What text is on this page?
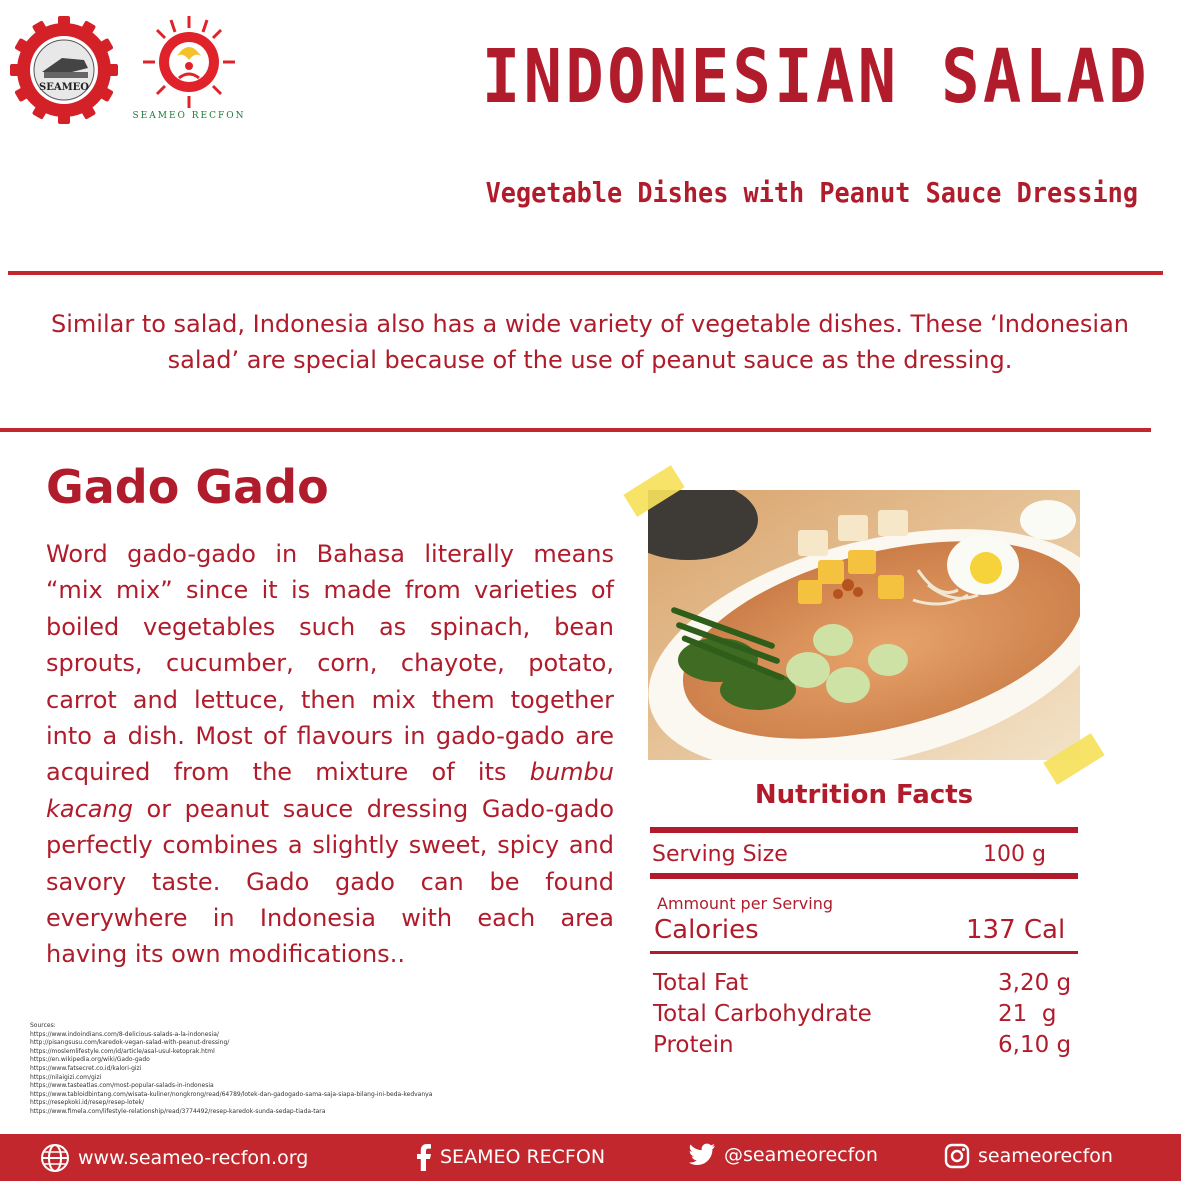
SEAMEO
SEAMEO RECFON	INDONESIAN SALAD
Vegetable Dishes with Peanut Sauce Dressing
Similar to salad, Indonesia also has a wide variety of vegetable dishes. These ‘Indonesian salad’ are special because of the use of peanut sauce as the dressing.
Gado Gado
Word gado-gado in Bahasa literally means “mix mix” since it is made from varieties of boiled vegetables such as spinach, bean sprouts, cucumber, corn, chayote, potato, carrot and lettuce, then mix them together into a dish. Most of flavours in gado-gado are acquired from the mixture of its bumbu kacang or peanut sauce dressing Gado-gado perfectly combines a slightly sweet, spicy and savory taste. Gado gado can be found everywhere in Indonesia with each area having its own modifications..
Sources:
https://www.indoindians.com/8-delicious-salads-a-la-indonesia/
http://pisangsusu.com/karedok-vegan-salad-with-peanut-dressing/
https://moslemlifestyle.com/id/article/asal-usul-ketoprak.html
https://en.wikipedia.org/wiki/Gado-gado
https://www.fatsecret.co.id/kalori-gizi
https://nilaigizi.com/gizi
https://www.tasteatlas.com/most-popular-salads-in-indonesia
https://www.tabloidbintang.com/wisata-kuliner/nongkrong/read/64789/lotek-dan-gadogado-sama-saja-siapa-bilang-ini-beda-kedvanya
https://resepkoki.id/resep/resep-lotek/
https://www.fimela.com/lifestyle-relationship/read/3774492/resep-karedok-sunda-sedap-tiada-tara
Nutrition Facts
Serving Size	100 g
Ammount per Serving
Calories	137 Cal
Total Fat	3,20 g
Total Carbohydrate	21  g
Protein	6,10 g
www.seameo-recfon.org	SEAMEO RECFON	@seameorecfon	seameorecfon
